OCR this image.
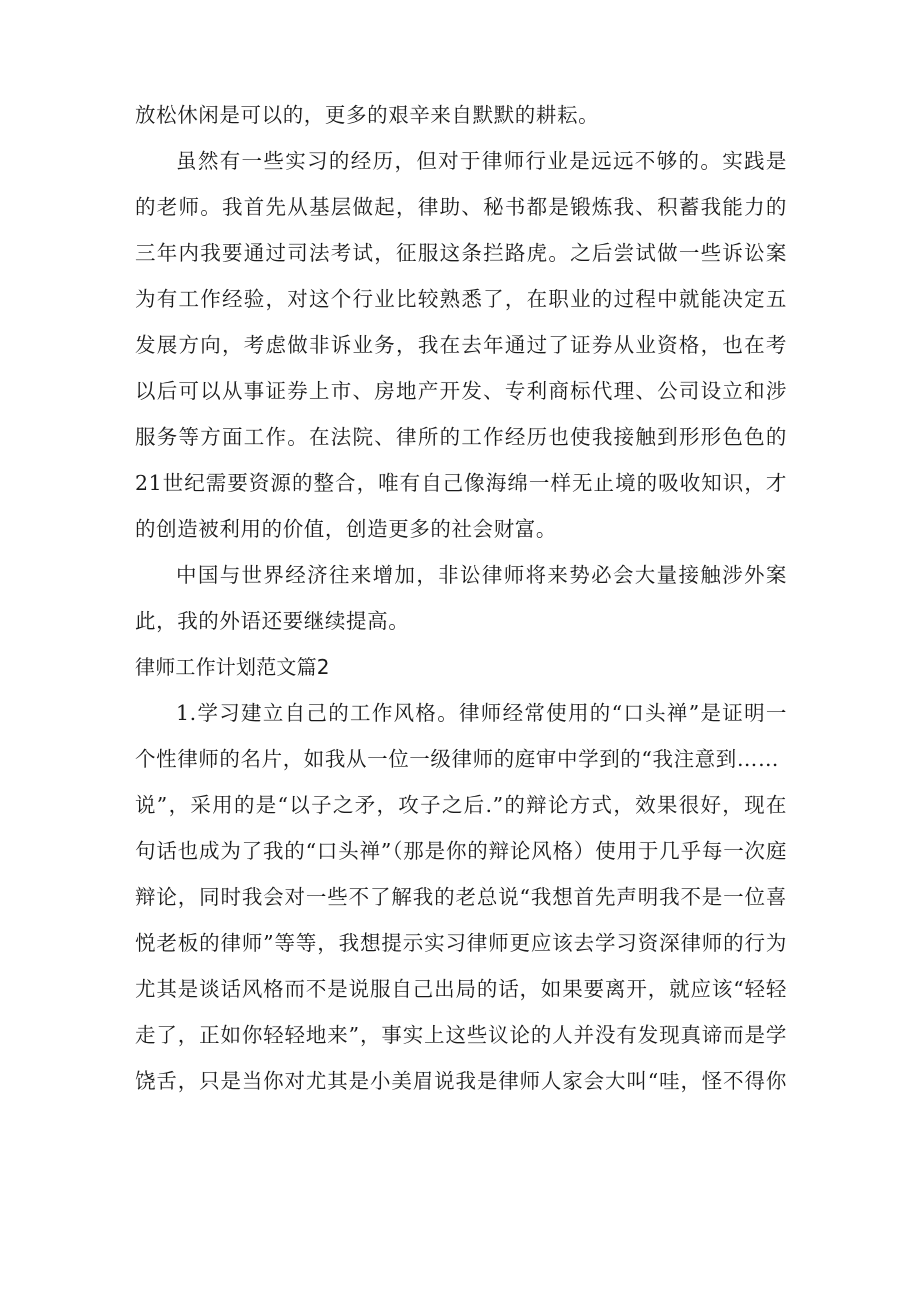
放松休闲是可以的，更多的艰辛来自默默的耕耘。
虽然有一些实习的经历，但对于律师行业是远远不够的。实践是
的老师。我首先从基层做起，律助、秘书都是锻炼我、积蓄我能力的
三年内我要通过司法考试，征服这条拦路虎。之后尝试做一些诉讼案
为有工作经验，对这个行业比较熟悉了，在职业的过程中就能决定五
发展方向，考虑做非诉业务，我在去年通过了证券从业资格，也在考
以后可以从事证券上市、房地产开发、专利商标代理、公司设立和涉
服务等方面工作。在法院、律所的工作经历也使我接触到形形色色的
21世纪需要资源的整合，唯有自己像海绵一样无止境的吸收知识，才
的创造被利用的价值，创造更多的社会财富。
中国与世界经济往来增加，非讼律师将来势必会大量接触涉外案
此，我的外语还要继续提高。
律师工作计划范文篇2
1.学习建立自己的工作风格。律师经常使用的“口头禅”是证明一
个性律师的名片，如我从一位一级律师的庭审中学到的“我注意到……
说”，采用的是“以子之矛，攻子之后.”的辩论方式，效果很好，现在
句话也成为了我的“口头禅”（那是你的辩论风格）使用于几乎每一次庭
辩论，同时我会对一些不了解我的老总说“我想首先声明我不是一位喜
悦老板的律师”等等，我想提示实习律师更应该去学习资深律师的行为
尤其是谈话风格而不是说服自己出局的话，如果要离开，就应该“轻轻
走了，正如你轻轻地来”，事实上这些议论的人并没有发现真谛而是学
饶舌，只是当你对尤其是小美眉说我是律师人家会大叫“哇，怪不得你
